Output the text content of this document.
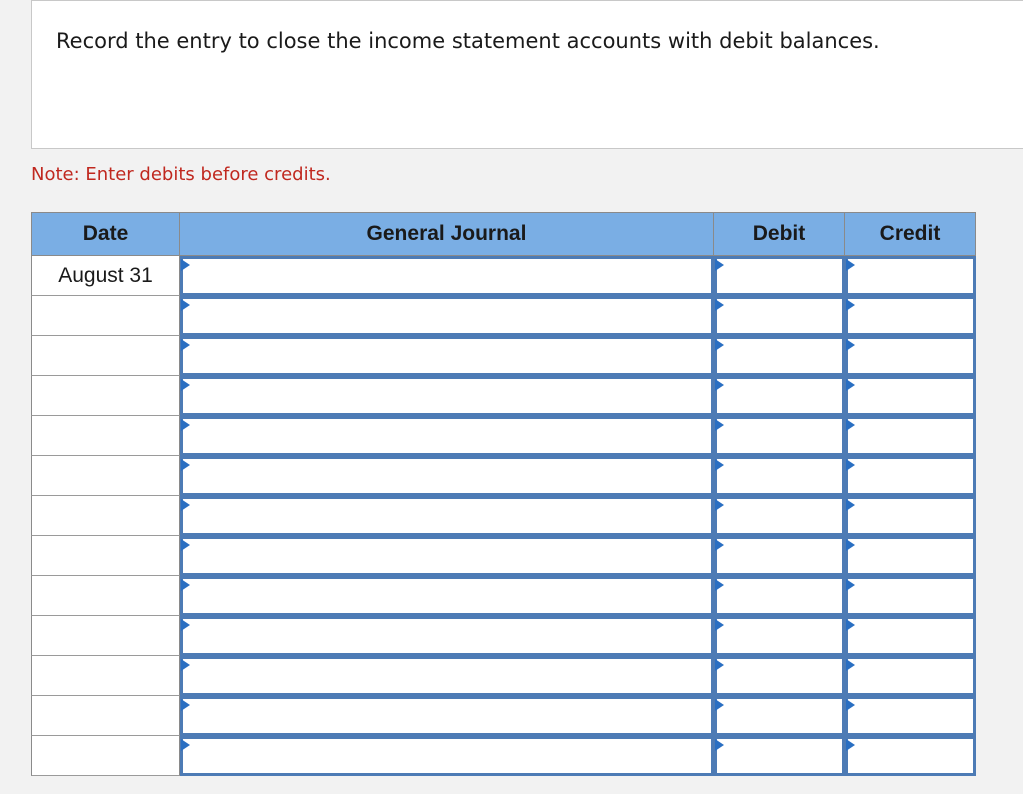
Record the entry to close the income statement accounts with debit balances.
Note: Enter debits before credits.
Date	General Journal	Debit	Credit
August 31
